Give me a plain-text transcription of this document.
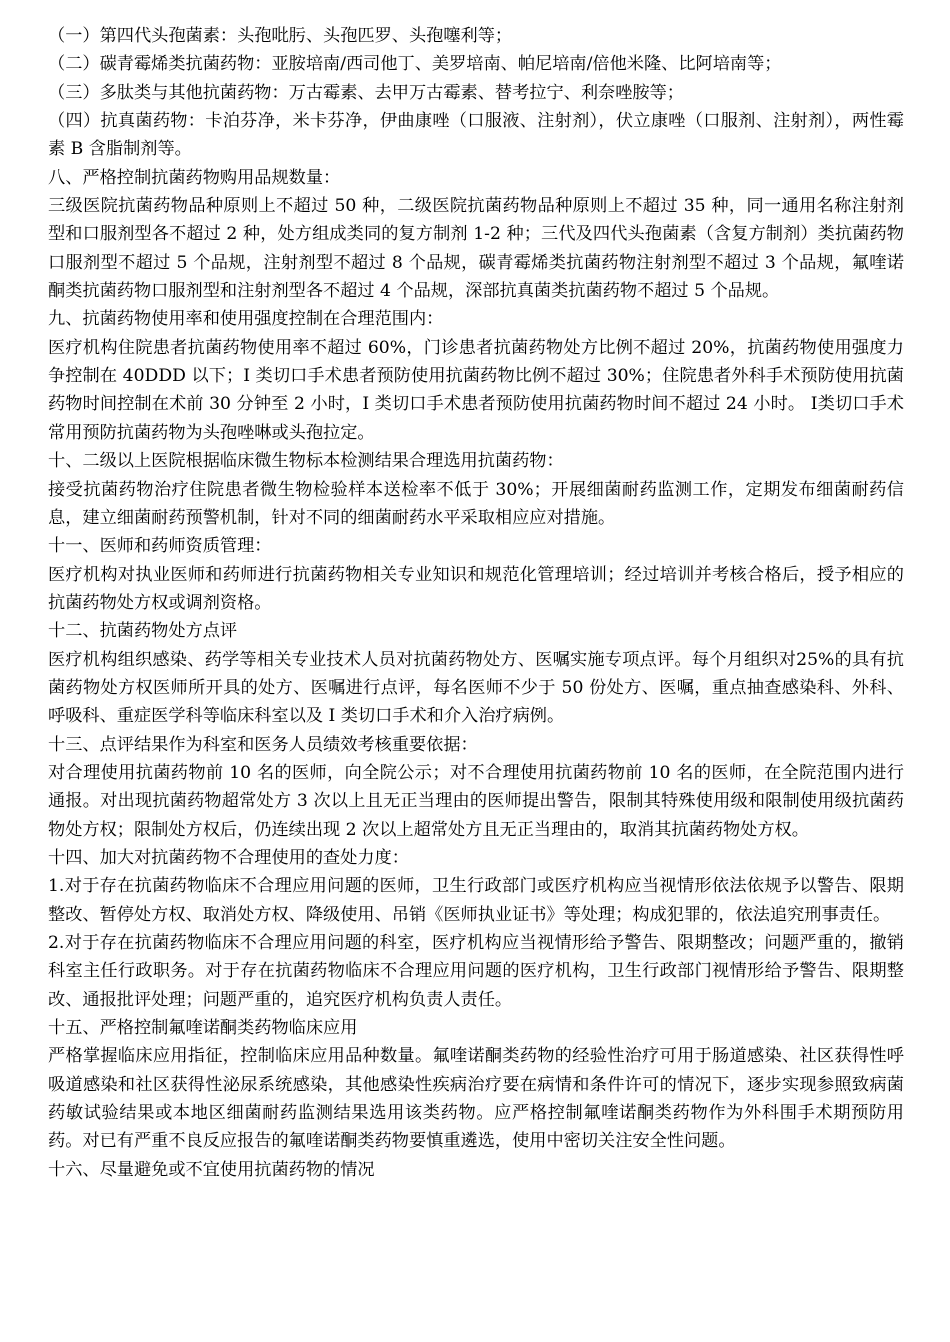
（一）第四代头孢菌素：头孢吡肟、头孢匹罗、头孢噻利等；

（二）碳青霉烯类抗菌药物：亚胺培南/西司他丁、美罗培南、帕尼培南/倍他米隆、比阿培南等；

（三）多肽类与其他抗菌药物：万古霉素、去甲万古霉素、替考拉宁、利奈唑胺等；

（四）抗真菌药物：卡泊芬净，米卡芬净，伊曲康唑（口服液、注射剂），伏立康唑（口服剂、注射剂），两性霉素 B 含脂制剂等。

八、严格控制抗菌药物购用品规数量：

三级医院抗菌药物品种原则上不超过 50 种，二级医院抗菌药物品种原则上不超过 35 种，同一通用名称注射剂型和口服剂型各不超过 2 种，处方组成类同的复方制剂 1-2 种；三代及四代头孢菌素（含复方制剂）类抗菌药物口服剂型不超过 5 个品规，注射剂型不超过 8 个品规，碳青霉烯类抗菌药物注射剂型不超过 3 个品规，氟喹诺酮类抗菌药物口服剂型和注射剂型各不超过 4 个品规，深部抗真菌类抗菌药物不超过 5 个品规。

九、抗菌药物使用率和使用强度控制在合理范围内：

医疗机构住院患者抗菌药物使用率不超过 60%，门诊患者抗菌药物处方比例不超过 20%，抗菌药物使用强度力争控制在 40DDD 以下；I 类切口手术患者预防使用抗菌药物比例不超过 30%；住院患者外科手术预防使用抗菌药物时间控制在术前 30 分钟至 2 小时，I 类切口手术患者预防使用抗菌药物时间不超过 24 小时。 Ⅰ类切口手术常用预防抗菌药物为头孢唑啉或头孢拉定。

十、二级以上医院根据临床微生物标本检测结果合理选用抗菌药物：

接受抗菌药物治疗住院患者微生物检验样本送检率不低于 30%；开展细菌耐药监测工作，定期发布细菌耐药信息，建立细菌耐药预警机制，针对不同的细菌耐药水平采取相应应对措施。

十一、医师和药师资质管理：

医疗机构对执业医师和药师进行抗菌药物相关专业知识和规范化管理培训；经过培训并考核合格后，授予相应的抗菌药物处方权或调剂资格。

十二、抗菌药物处方点评

医疗机构组织感染、药学等相关专业技术人员对抗菌药物处方、医嘱实施专项点评。每个月组织对25%的具有抗菌药物处方权医师所开具的处方、医嘱进行点评，每名医师不少于 50 份处方、医嘱，重点抽查感染科、外科、呼吸科、重症医学科等临床科室以及 I 类切口手术和介入治疗病例。

十三、点评结果作为科室和医务人员绩效考核重要依据：

对合理使用抗菌药物前 10 名的医师，向全院公示；对不合理使用抗菌药物前 10 名的医师，在全院范围内进行通报。对出现抗菌药物超常处方 3 次以上且无正当理由的医师提出警告，限制其特殊使用级和限制使用级抗菌药物处方权；限制处方权后，仍连续出现 2 次以上超常处方且无正当理由的，取消其抗菌药物处方权。

十四、加大对抗菌药物不合理使用的查处力度：

1.对于存在抗菌药物临床不合理应用问题的医师，卫生行政部门或医疗机构应当视情形依法依规予以警告、限期整改、暂停处方权、取消处方权、降级使用、吊销《医师执业证书》等处理；构成犯罪的，依法追究刑事责任。

2.对于存在抗菌药物临床不合理应用问题的科室，医疗机构应当视情形给予警告、限期整改；问题严重的，撤销科室主任行政职务。对于存在抗菌药物临床不合理应用问题的医疗机构，卫生行政部门视情形给予警告、限期整改、通报批评处理；问题严重的，追究医疗机构负责人责任。

十五、严格控制氟喹诺酮类药物临床应用

严格掌握临床应用指征，控制临床应用品种数量。氟喹诺酮类药物的经验性治疗可用于肠道感染、社区获得性呼吸道感染和社区获得性泌尿系统感染，其他感染性疾病治疗要在病情和条件许可的情况下，逐步实现参照致病菌药敏试验结果或本地区细菌耐药监测结果选用该类药物。应严格控制氟喹诺酮类药物作为外科围手术期预防用药。对已有严重不良反应报告的氟喹诺酮类药物要慎重遴选，使用中密切关注安全性问题。

十六、尽量避免或不宜使用抗菌药物的情况
